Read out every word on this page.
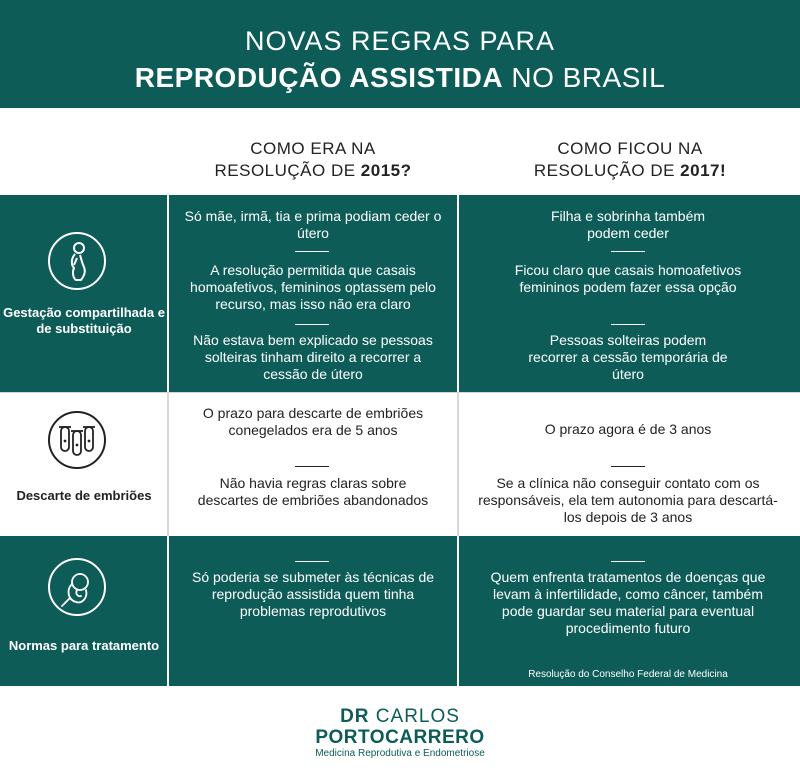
NOVAS REGRAS PARA
REPRODUÇÃO ASSISTIDA NO BRASIL
COMO ERA NA
RESOLUÇÃO DE 2015?
COMO FICOU NA
RESOLUÇÃO DE 2017!
Gestação compartilhada e de substituição
Só mãe, irmã, tia e prima podiam ceder o útero
A resolução permitida que casais homoafetivos, femininos optassem pelo recurso, mas isso não era claro
Não estava bem explicado se pessoas solteiras tinham direito a recorrer a cessão de útero
Filha e sobrinha também podem ceder
Ficou claro que casais homoafetivos femininos podem fazer essa opção
Pessoas solteiras podem recorrer a cessão temporária de útero
Descarte de embriões
O prazo para descarte de embriões conegelados era de 5 anos
Não havia regras claras sobre descartes de embriões abandonados
O prazo agora é de 3 anos
Se a clínica não conseguir contato com os responsáveis, ela tem autonomia para descartá-los depois de 3 anos
Normas para tratamento
Só poderia se submeter às técnicas de reprodução assistida quem tinha problemas reprodutivos
Quem enfrenta tratamentos de doenças que levam à infertilidade, como câncer, também pode guardar seu material para eventual procedimento futuro
Resolução do Conselho Federal de Medicina
DR CARLOS
PORTOCARRERO
Medicina Reprodutiva e Endometriose
